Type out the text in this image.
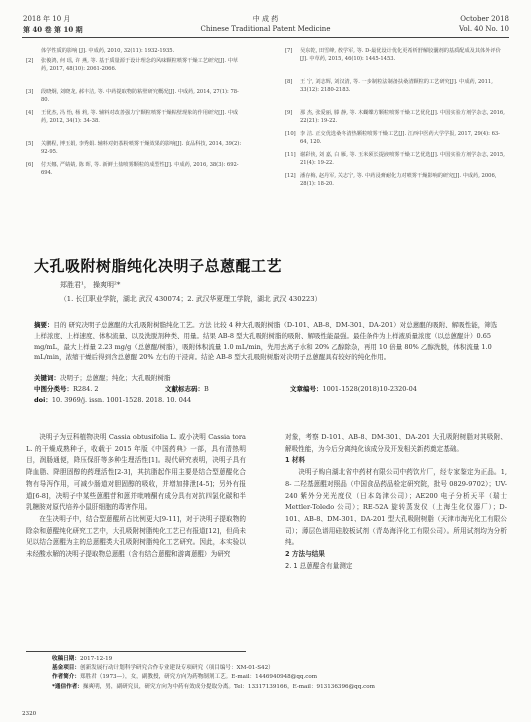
2018 年 10 月
第 40 卷 第 10 期
中 成 药
Chinese Traditional Patent Medicine
October 2018
Vol. 40 No. 10
体学性质的影响 [J]. 中成药, 2010, 32(11): 1932-1935.
[2] 张俊鸿, 何 瑶, 许 燕, 等. 基于质量源于设计理念的风味颗粒喷雾干燥工艺研究[J]. 中草药, 2017, 48(10): 2061-2066.
[3] 段晓炯, 刘晓龙, 郝丰洁, 等. 中药提取物防粘壁研究概况[J]. 中成药, 2014, 27(1): 78-80.
[4] 王优杰, 冯 怡, 杨 莉, 等. 辅料对改善强力宁颗粒喷雾干燥粘壁现象的作用研究[J]. 中成药, 2012, 34(1): 34-38.
[5] 关鹏程, 博玉娟, 李秀娟. 辅料对奶茶粉喷雾干燥效果的影响[J]. 食品科技, 2014, 39(2): 92-95.
[6] 付天娜, 严婧婧, 陈 晖, 等. 新鲜土盐喷雾颗粒的成型性[J]. 中成药, 2016, 38(3): 692-694.
[7] 吴东乾, 田雪峰, 敖学军, 等. D-最优设计优化更希析舒解胶囊剂的基质配成及其体外评价[J]. 中草药, 2015, 46(10): 1445-1453.
[8] 王 宁, 刘志辉, 刘汉清, 等. 一步制粒法制备扶桑清颗粒的工艺研究[J]. 中成药, 2011, 33(12): 2180-2183.
[9] 那 杰, 张爱丽, 滕 静, 等. 木蝴蝶方颗粒喷雾干燥工艺优化[J]. 中国实验方剂学杂志, 2016, 22(21): 19-22.
[10] 李 洁. 正交优选桑冬清热颗粒喷雾干燥工艺[J]. 江西中医药大学学报, 2017, 29(4): 63-64, 120.
[11] 谢彩侠, 刘 嘉, 白 雁, 等. 玉米须长提液喷雾干燥工艺优选[J]. 中国实验方剂学杂志, 2015, 21(4): 19-22.
[12] 潘存梅, 赵丹军, 关志宁, 等. 中药浸膏耐化力对喷雾干燥影响的研究[J]. 中成药, 2006, 28(1): 18-20.
大孔吸附树脂纯化决明子总蒽醌工艺
郑胜君¹， 操爽明²*
（1. 长江职业学院，湖北 武汉 430074；2. 武汉华夏理工学院，湖北 武汉 430223）
摘要：目的 研究决明子总蒽醌的大孔吸附树脂纯化工艺。方法 比较 4 种大孔吸附树脂（D-101、AB-8、DM-301、DA-201）对总蒽醌的吸附、解吸性能，筛选上样浓度、上样速度、体积流量、以及洗脱剂种类、用量。结果 AB-8 型大孔吸附树脂的吸附、解吸性能最强。最佳条件为上样液质量浓度（以总蒽醌计）0.65 mg/mL，最大上样量 2.23 mg/g（总蒽醌/树脂），吸附体积流量 1.0 mL/min，先用去离子水和 20% 乙醇除杂，再用 10 倍量 80% 乙醇洗脱，体积流量 1.0 mL/min，浓缩干燥后得到含总蒽醌 20% 左右的干浸膏。结论 AB-8 型大孔吸附树脂对决明子总蒽醌具有较好的纯化作用。
关键词：决明子；总蒽醌；纯化；大孔吸附树脂
中图分类号：R284. 2	文献标志码：B	文章编号：1001-1528(2018)10-2320-04
doi：10. 3969/j. issn. 1001-1528. 2018. 10. 044
决明子为豆科植物决明 Cassia obtusifolia L. 或小决明 Cassia tora L. 的干燥成熟种子，收载于 2015 年版《中国药典》一部，具有清热明目，润肠通便，降压保肝等多种生理活性[1]。现代研究表明，决明子具有降血脂、降胆固醇的药理活性[2-3]，其抗脂起作用主要是结合型蒽醌化合物有导泻作用，可减少肠道对胆固醇的吸收，并增加排泄[4-5]；另外有报道[6-8]，决明子中某些蒽醌苷和蒽并吡喃酮有成分具有对抗四氯化碳和半乳糖胺对原代培养小鼠肝细胞的毒害作用。
在生决明子中，结合型蒽醌所占比例更大[9-11]，对于决明子提取物的除杂和蒽醌纯化研究工艺中，大孔吸附树脂纯化工艺已有报道[12]，但尚未见以结合蒽醌为主的总蒽醌类大孔吸附树脂纯化工艺研究。因此，本实验以未经酸水解的决明子提取物总蒽醌（含有结合蒽醌和游离蒽醌）为研究
对象，考察 D-101、AB-8、DM-301、DA-201 大孔吸附树脂对其吸附、解吸性能，为今后分离纯化该成分及开发相关新药奠定基础。
1 材料
决明子购自湖北省中药材有限公司中药饮片厂，经专家鉴定为正品。1, 8- 二羟基蒽醌对照品（中国食品药品检定研究院，批号 0829-9702）；UV-240 紫外分光光度仪（日本岛津公司）；AE200 电子分析天平（瑞士 Mettler-Toledo 公司）；RE-52A 旋转蒸发仪（上海生化仪器厂）；D-101、AB-8、DM-301、DA-201 型大孔吸附树脂（天津市海光化工有限公司）；薄层色谱用硅胶板试剂（青岛海洋化工有限公司）。所用试剂均为分析纯。
2 方法与结果
2. 1 总蒽醌含有量测定
收稿日期：2017-12-19
基金项目：创新发展行动计划科学研究合作专业建设专项研究（项目编号：XM-01-S42）
作者简介：郑胜君（1973—），女，副教授，研究方向为药物制剂工艺。E-mail：1446940948@qq.com
*通信作者：操爽明，男，副研究员，研究方向为中药有效成分提取分离。Tel：13317139166，E-mail：913136396@qq.com
2320
